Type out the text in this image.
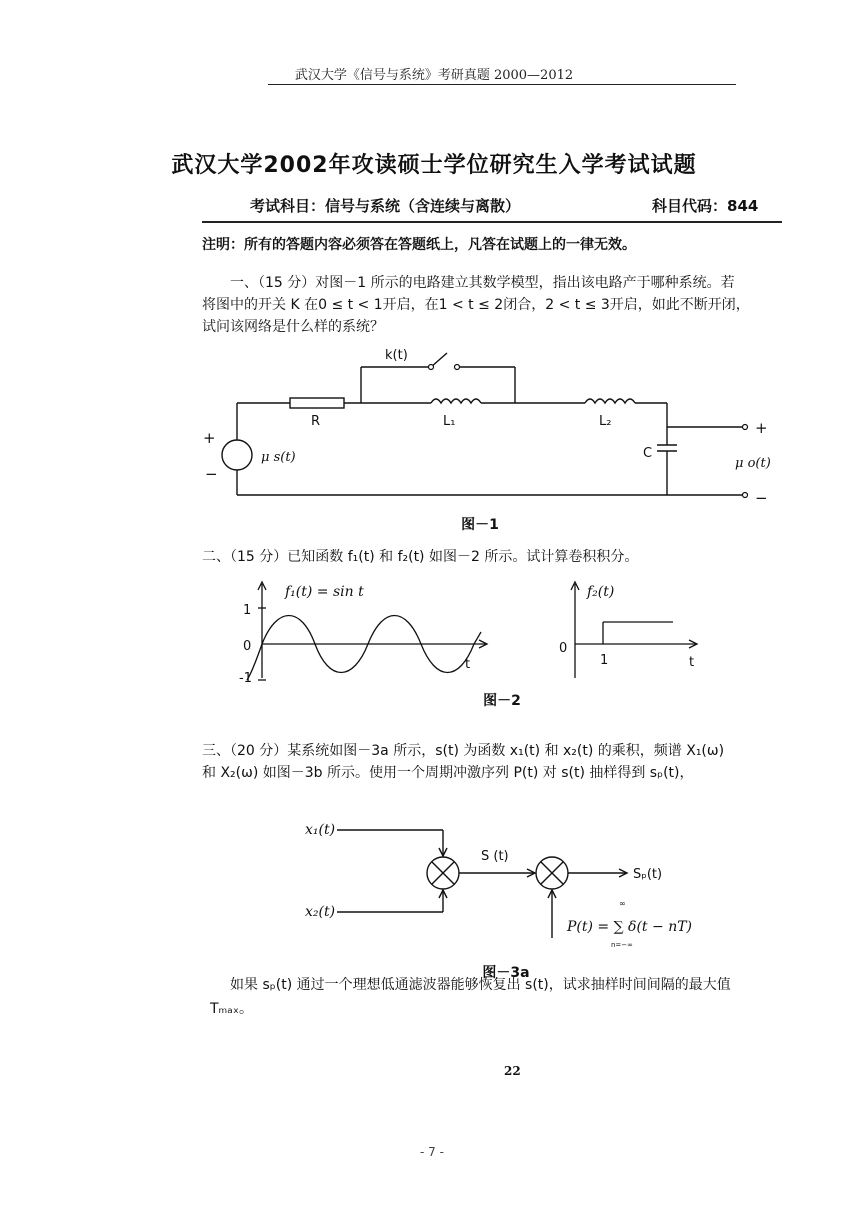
武汉大学《信号与系统》考研真题 2000—2012
武汉大学2002年攻读硕士学位研究生入学考试试题
考试科目：信号与系统（含连续与离散）	科目代码：844
注明：所有的答题内容必须答在答题纸上，凡答在试题上的一律无效。
一、（15 分）对图－1 所示的电路建立其数学模型，指出该电路产于哪种系统。若
将图中的开关 K 在0 ≤ t < 1开启，在1 < t ≤ 2闭合，2 < t ≤ 3开启，如此不断开闭，
试问该网络是什么样的系统？
k(t)
R	L₁	L₂
C
μ s(t)	μ o(t)
+
−
+
−
图－1
二、（15 分）已知函数 f₁(t) 和 f₂(t) 如图－2 所示。试计算卷积积分。
f₁(t) = sin t
1
0
-1
t
f₂(t)
0
1	t
图－2
三、（20 分）某系统如图－3a 所示，s(t) 为函数 x₁(t) 和 x₂(t) 的乘积，频谱 X₁(ω)
和 X₂(ω) 如图－3b 所示。使用一个周期冲激序列 P(t) 对 s(t) 抽样得到 sₚ(t)，
x₁(t)
x₂(t)
S (t)
Sₚ(t)
P(t) = ∑ δ(t − nT)
∞
n=−∞
图－3a
如果 sₚ(t) 通过一个理想低通滤波器能够恢复出 s(t)，试求抽样时间间隔的最大值
Tₘₐₓ。
22
- 7 -
